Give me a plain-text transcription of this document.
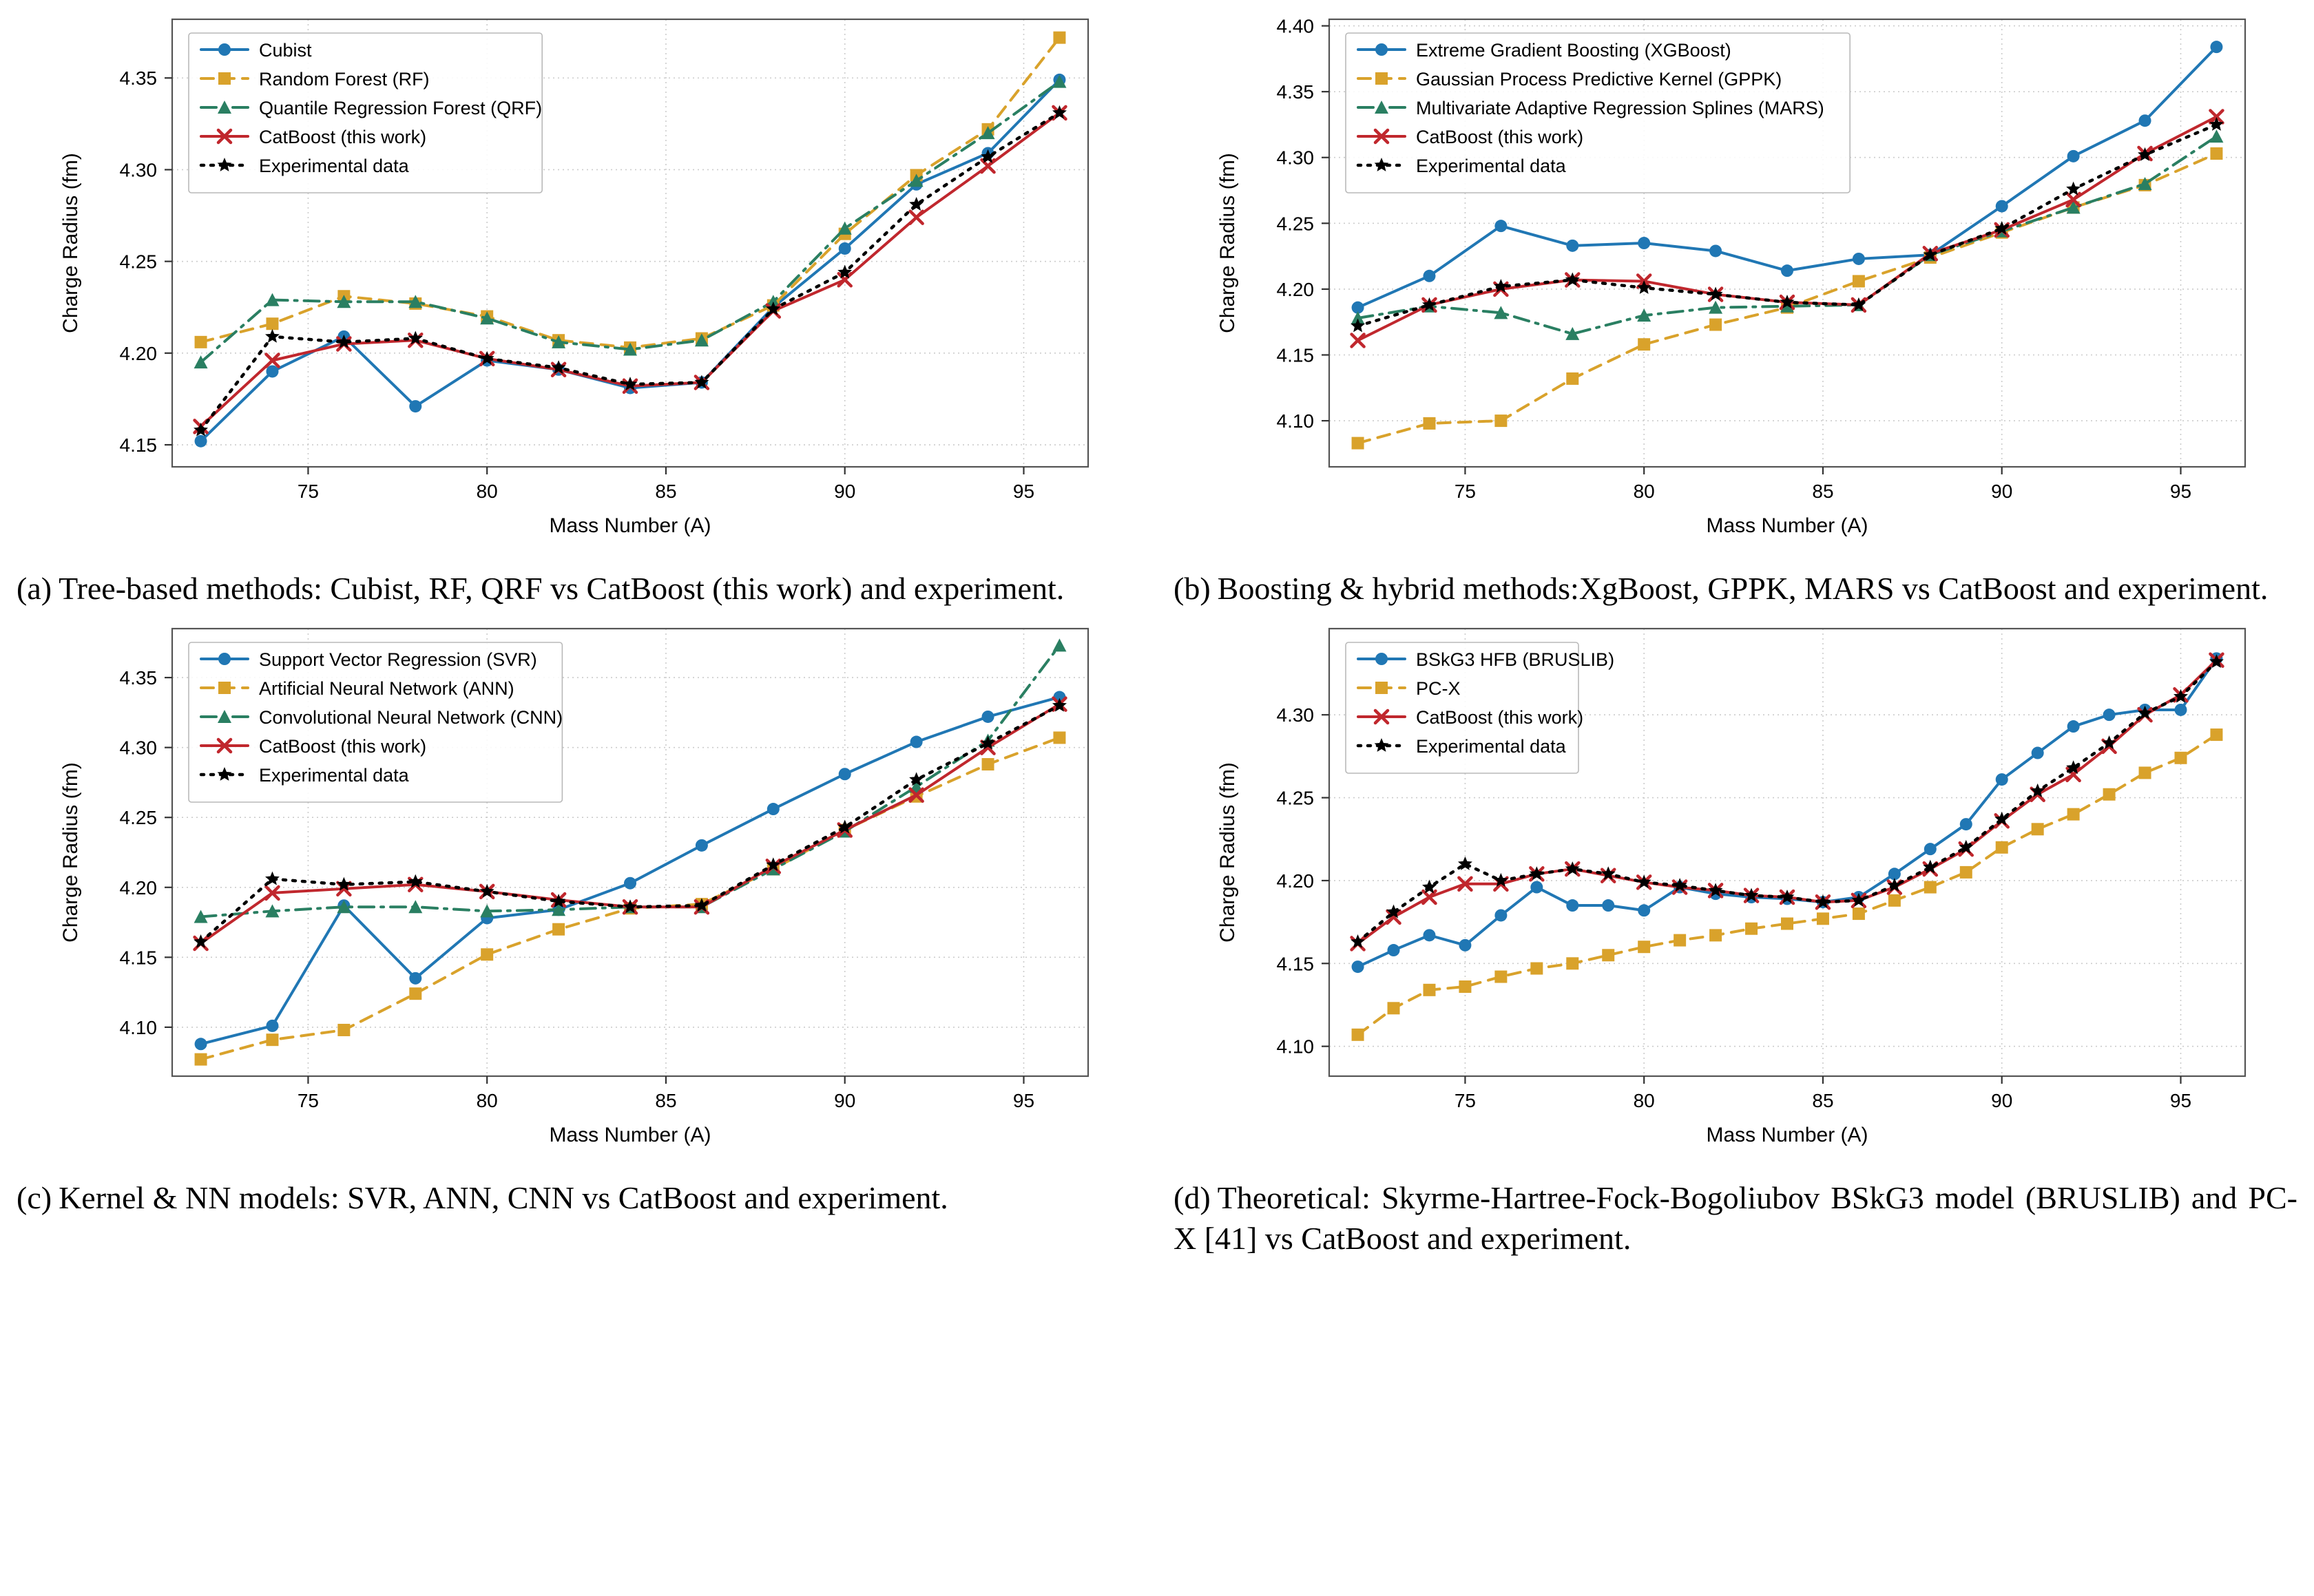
4.15
4.20
4.25
4.30
4.35
75	80	85	90	95
Mass Number (A)
Charge Radius (fm)
Cubist
Random Forest (RF)
Quantile Regression Forest (QRF)
CatBoost (this work)
Experimental data
(a) Tree-based methods: Cubist, RF, QRF vs CatBoost (this work) and experiment.
4.10
4.15
4.20
4.25
4.30
4.35
4.40
75	80	85	90	95
Mass Number (A)
Charge Radius (fm)
Extreme Gradient Boosting (XGBoost)
Gaussian Process Predictive Kernel (GPPK)
Multivariate Adaptive Regression Splines (MARS)
CatBoost (this work)
Experimental data
(b) Boosting & hybrid methods:XgBoost, GPPK, MARS vs CatBoost and experiment.
4.10
4.15
4.20
4.25
4.30
4.35
75	80	85	90	95
Mass Number (A)
Charge Radius (fm)
Support Vector Regression (SVR)
Artificial Neural Network (ANN)
Convolutional Neural Network (CNN)
CatBoost (this work)
Experimental data
(c) Kernel & NN models: SVR, ANN, CNN vs CatBoost and experiment.
4.10
4.15
4.20
4.25
4.30
75	80	85	90	95
Mass Number (A)
Charge Radius (fm)
BSkG3 HFB (BRUSLIB)
PC-X
CatBoost (this work)
Experimental data
(d) Theoretical: Skyrme-Hartree-Fock-Bogoliubov BSkG3 model (BRUSLIB) and PC-X [41] vs CatBoost and experiment.
